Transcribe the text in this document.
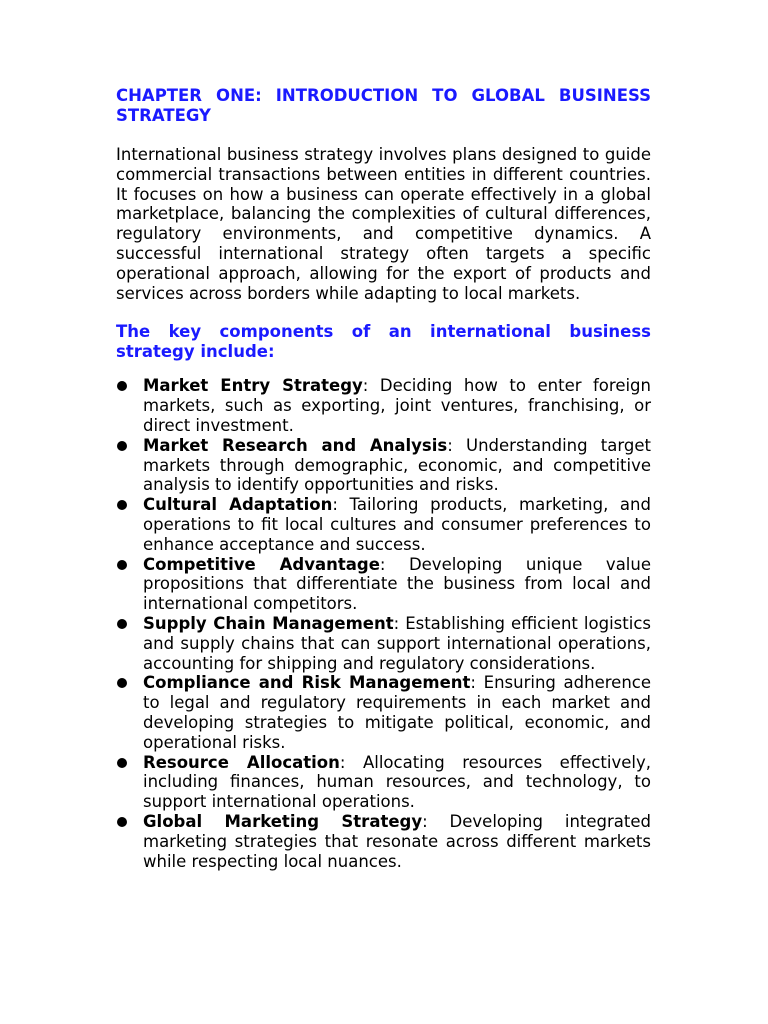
CHAPTER ONE: INTRODUCTION TO GLOBAL BUSINESS STRATEGY

International business strategy involves plans designed to guide commercial transactions between entities in different countries. It focuses on how a business can operate effectively in a global marketplace, balancing the complexities of cultural differences, regulatory environments, and competitive dynamics. A successful international strategy often targets a specific operational approach, allowing for the export of products and services across borders while adapting to local markets.

The key components of an international business strategy include:
Market Entry Strategy: Deciding how to enter foreign markets, such as exporting, joint ventures, franchising, or direct investment.
Market Research and Analysis: Understanding target markets through demographic, economic, and competitive analysis to identify opportunities and risks.
Cultural Adaptation: Tailoring products, marketing, and operations to fit local cultures and consumer preferences to enhance acceptance and success.
Competitive Advantage: Developing unique value propositions that differentiate the business from local and international competitors.
Supply Chain Management: Establishing efficient logistics and supply chains that can support international operations, accounting for shipping and regulatory considerations.
Compliance and Risk Management: Ensuring adherence to legal and regulatory requirements in each market and developing strategies to mitigate political, economic, and operational risks.
Resource Allocation: Allocating resources effectively, including finances, human resources, and technology, to support international operations.
Global Marketing Strategy: Developing integrated marketing strategies that resonate across different markets while respecting local nuances.
